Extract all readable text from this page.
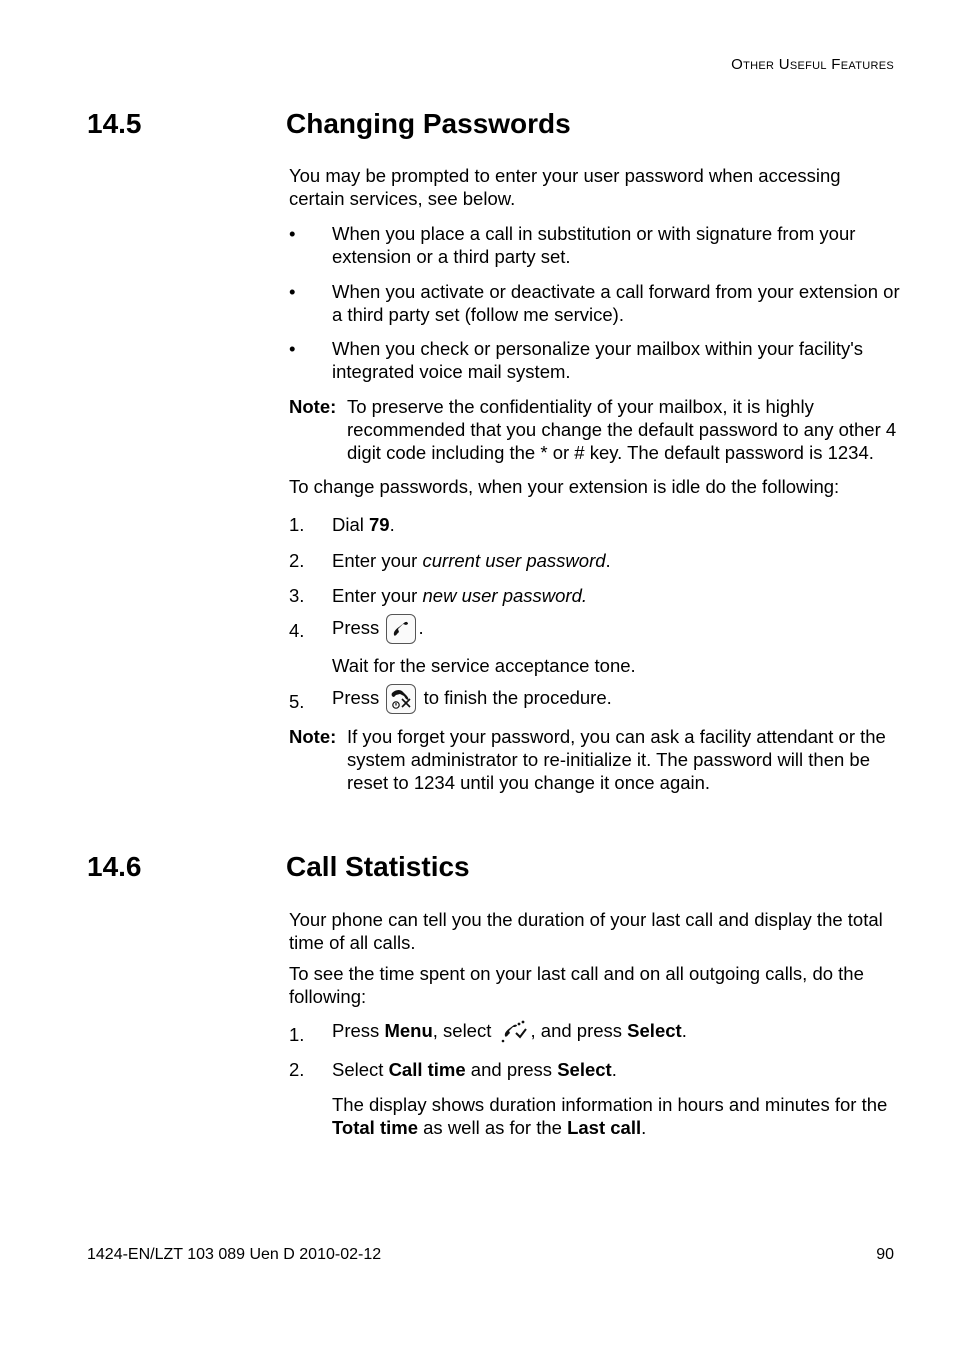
Other Useful Features
14.5	Changing Passwords
You may be prompted to enter your user password when accessing certain services, see below.
• When you place a call in substitution or with signature from your extension or a third party set.
• When you activate or deactivate a call forward from your extension or a third party set (follow me service).
• When you check or personalize your mailbox within your facility's integrated voice mail system.
Note: To preserve the confidentiality of your mailbox, it is highly recommended that you change the default password to any other 4 digit code including the * or # key. The default password is 1234.
To change passwords, when your extension is idle do the following:
1. Dial 79.
2. Enter your current user password.
3. Enter your new user password.
4. Press .
Wait for the service acceptance tone.
5. Press to finish the procedure.
Note: If you forget your password, you can ask a facility attendant or the system administrator to re-initialize it. The password will then be reset to 1234 until you change it once again.
14.6	Call Statistics
Your phone can tell you the duration of your last call and display the total time of all calls.
To see the time spent on your last call and on all outgoing calls, do the following:
1. Press Menu, select , and press Select.
2. Select Call time and press Select.
The display shows duration information in hours and minutes for the Total time as well as for the Last call.
1424-EN/LZT 103 089 Uen D 2010-02-12	90
